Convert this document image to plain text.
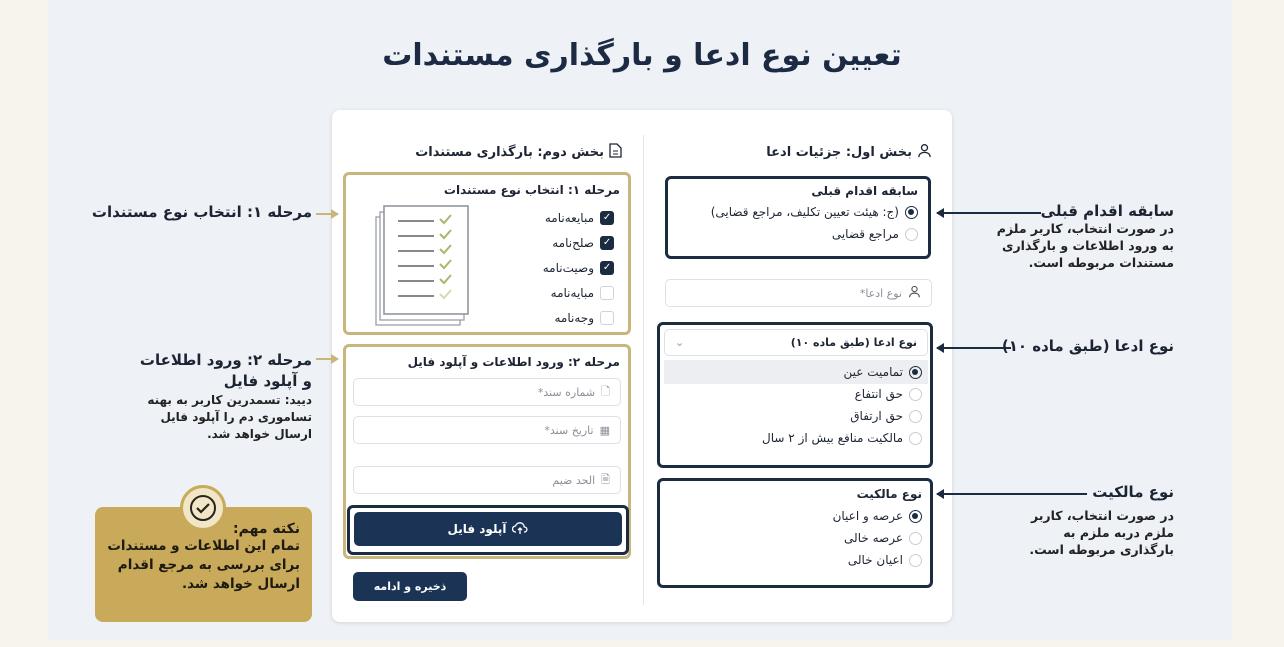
تعیین نوع ادعا و بارگذاری مستندات
بخش اول: جزئیات ادعا
سابقه اقدام قبلی
(ج: هیئت تعیین تکلیف، مراجع قضایی)
مراجع قضایی
نوع ادعا*
نوع ادعا (طبق ماده ۱۰)
⌄
تمامیت عین
حق انتفاع
حق ارتفاق
مالکیت منافع بیش از ۲ سال
نوع مالکیت
عرصه و اعیان
عرصه خالی
اعیان خالی
بخش دوم: بارگذاری مستندات
مرحله ۱: انتخاب نوع مستندات
✓
مبایعه‌نامه
✓
صلح‌نامه
✓
وصیت‌نامه
مبایه‌نامه
وجه‌نامه
مرحله ۲: ورود اطلاعات و آپلود فایل
🗋
شماره سند*
▦
تاریخ سند*
🗎
الحد ضیم
آپلود فایل
ذخیره و ادامه
سابقه اقدام قبلی

در صورت انتخاب، کاربر ملزم به ورود اطلاعات و بارگذاری مستندات مربوطه است.

نوع ادعا (طبق ماده ۱۰)
نوع مالکیت

در صورت انتخاب، کاربر ملزم دربه ملزم به بارگذاری مربوطه است.

مرحله ۱: انتخاب نوع مستندات
مرحله ۲: ورود اطلاعات و آپلود فایل

دیید: تسمدرین کاربر به بهنه تساموری دم را آپلود فایل ارسال خواهد شد.

نکته مهم:

تمام این اطلاعات و مستندات برای بررسی به مرجع اقدام ارسال خواهد شد.
